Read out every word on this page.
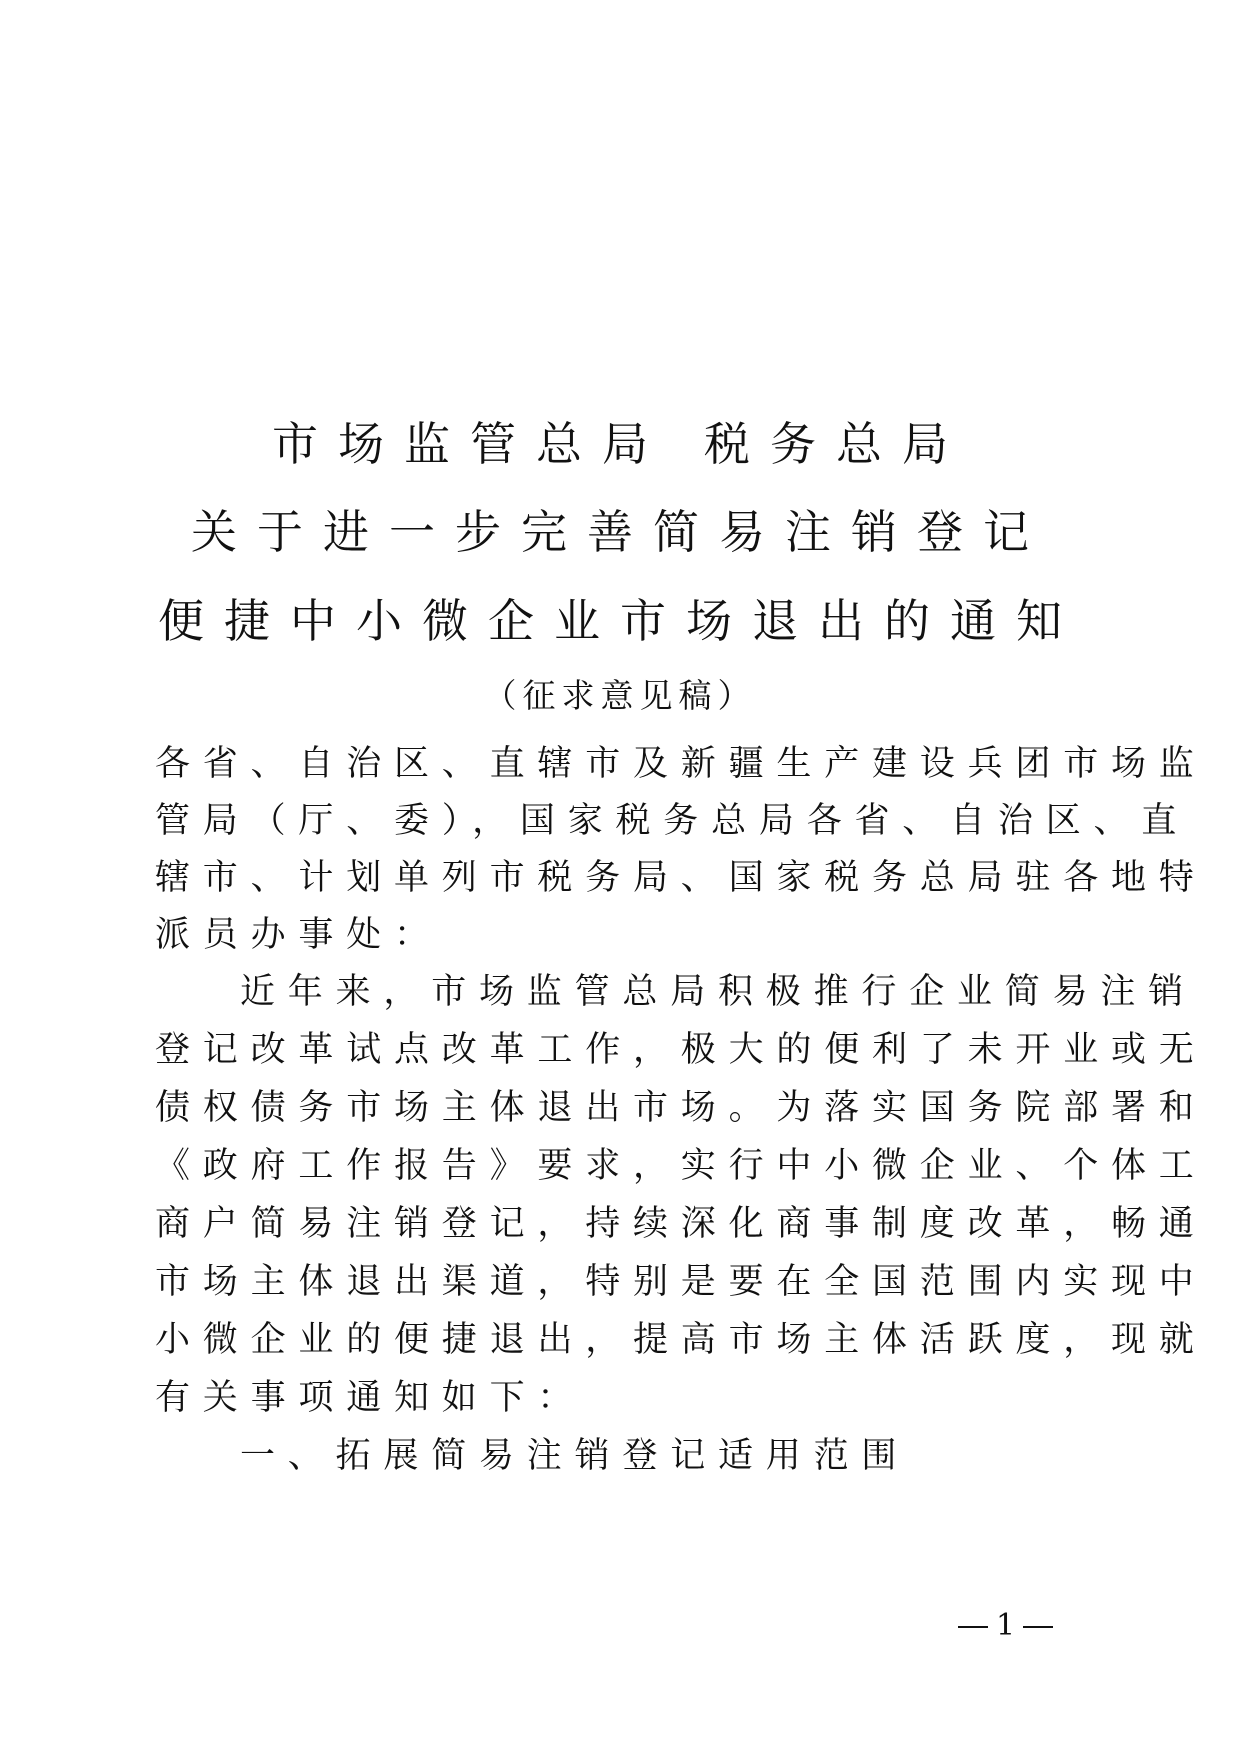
市场监管总局 税务总局
关于进一步完善简易注销登记
便捷中小微企业市场退出的通知
（征求意见稿）
各省、自治区、直辖市及新疆生产建设兵团市场监
管局（厅、委），国家税务总局各省、自治区、直
辖市、计划单列市税务局、国家税务总局驻各地特
派员办事处：
近年来，市场监管总局积极推行企业简易注销
登记改革试点改革工作，极大的便利了未开业或无
债权债务市场主体退出市场。为落实国务院部署和
《政府工作报告》要求，实行中小微企业、个体工
商户简易注销登记，持续深化商事制度改革，畅通
市场主体退出渠道，特别是要在全国范围内实现中
小微企业的便捷退出，提高市场主体活跃度，现就
有关事项通知如下：
一、拓展简易注销登记适用范围
1
